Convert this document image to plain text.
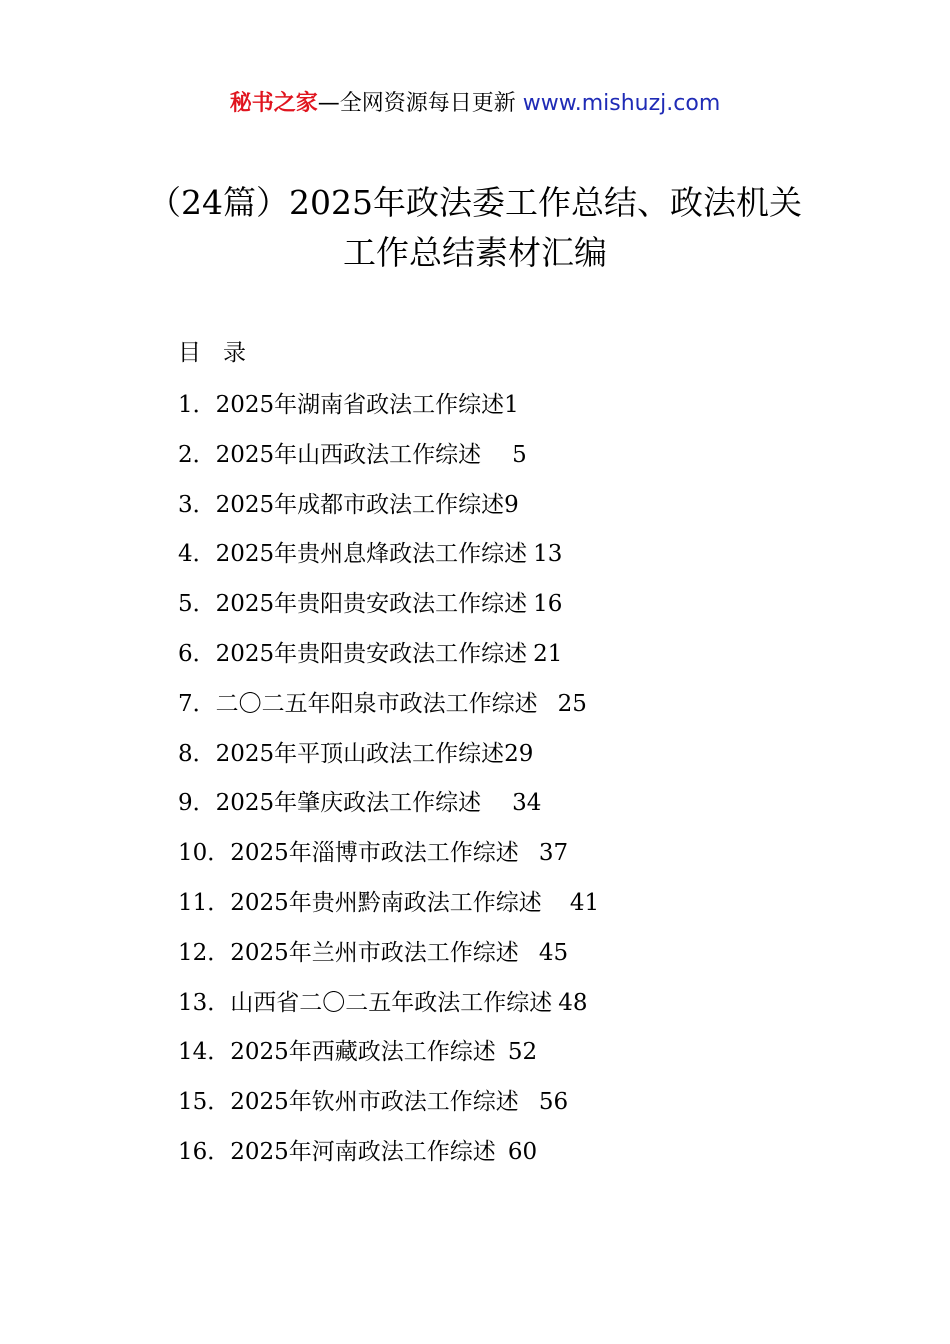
秘书之家—全网资源每日更新 www.mishuzj.com
（24篇）2025年政法委工作总结、政法机关
工作总结素材汇编
目录
1．2025年湖南省政法工作综述1
2．2025年山西政法工作综述　5
3．2025年成都市政法工作综述9
4．2025年贵州息烽政法工作综述 13
5．2025年贵阳贵安政法工作综述 16
6．2025年贵阳贵安政法工作综述 21
7．二〇二五年阳泉市政法工作综述 25
8．2025年平顶山政法工作综述29
9．2025年肇庆政法工作综述　34
10．2025年淄博市政法工作综述 37
11．2025年贵州黔南政法工作综述 41
12．2025年兰州市政法工作综述 45
13．山西省二〇二五年政法工作综述 48
14．2025年西藏政法工作综述 52
15．2025年钦州市政法工作综述 56
16．2025年河南政法工作综述 60
